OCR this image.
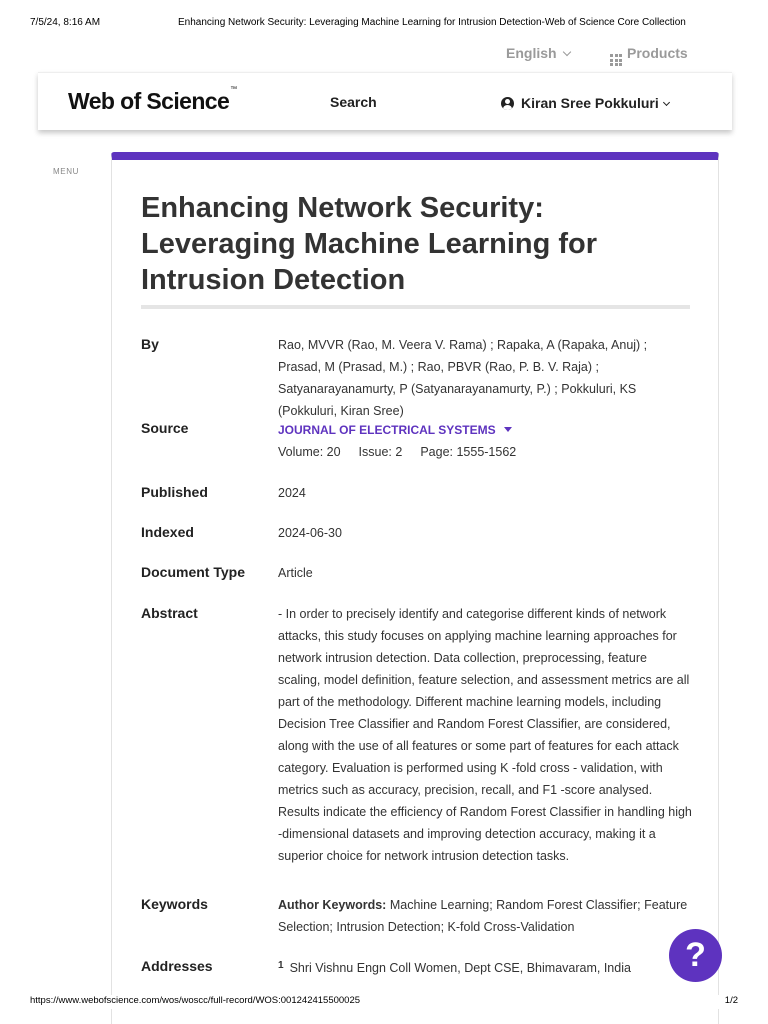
7/5/24, 8:16 AM	Enhancing Network Security: Leveraging Machine Learning for Intrusion Detection-Web of Science Core Collection
English	Products
Web of Science™
Search	Kiran Sree Pokkuluri
MENU
Enhancing Network Security: Leveraging Machine Learning for Intrusion Detection
By	Rao, MVVR (Rao, M. Veera V. Rama) ; Rapaka, A (Rapaka, Anuj) ; Prasad, M (Prasad, M.) ; Rao, PBVR (Rao, P. B. V. Raja) ; Satyanarayanamurty, P (Satyanarayanamurty, P.) ; Pokkuluri, KS (Pokkuluri, Kiran Sree)
Source	JOURNAL OF ELECTRICAL SYSTEMS
Volume: 20 Issue: 2 Page: 1555-1562
Published	2024
Indexed	2024-06-30
Document Type	Article
Abstract	- In order to precisely identify and categorise different kinds of network attacks, this study focuses on applying machine learning approaches for network intrusion detection. Data collection, preprocessing, feature scaling, model definition, feature selection, and assessment metrics are all part of the methodology. Different machine learning models, including Decision Tree Classifier and Random Forest Classifier, are considered, along with the use of all features or some part of features for each attack category. Evaluation is performed using K -fold cross - validation, with metrics such as accuracy, precision, recall, and F1 -score analysed. Results indicate the efficiency of Random Forest Classifier in handling high -dimensional datasets and improving detection accuracy, making it a superior choice for network intrusion detection tasks.
Keywords	Author Keywords: Machine Learning; Random Forest Classifier; Feature Selection; Intrusion Detection; K-fold Cross-Validation
Addresses	$^1$ Shri Vishnu Engn Coll Women, Dept CSE, Bhimavaram, India	?
https://www.webofscience.com/wos/woscc/full-record/WOS:001242415500025	1/2
